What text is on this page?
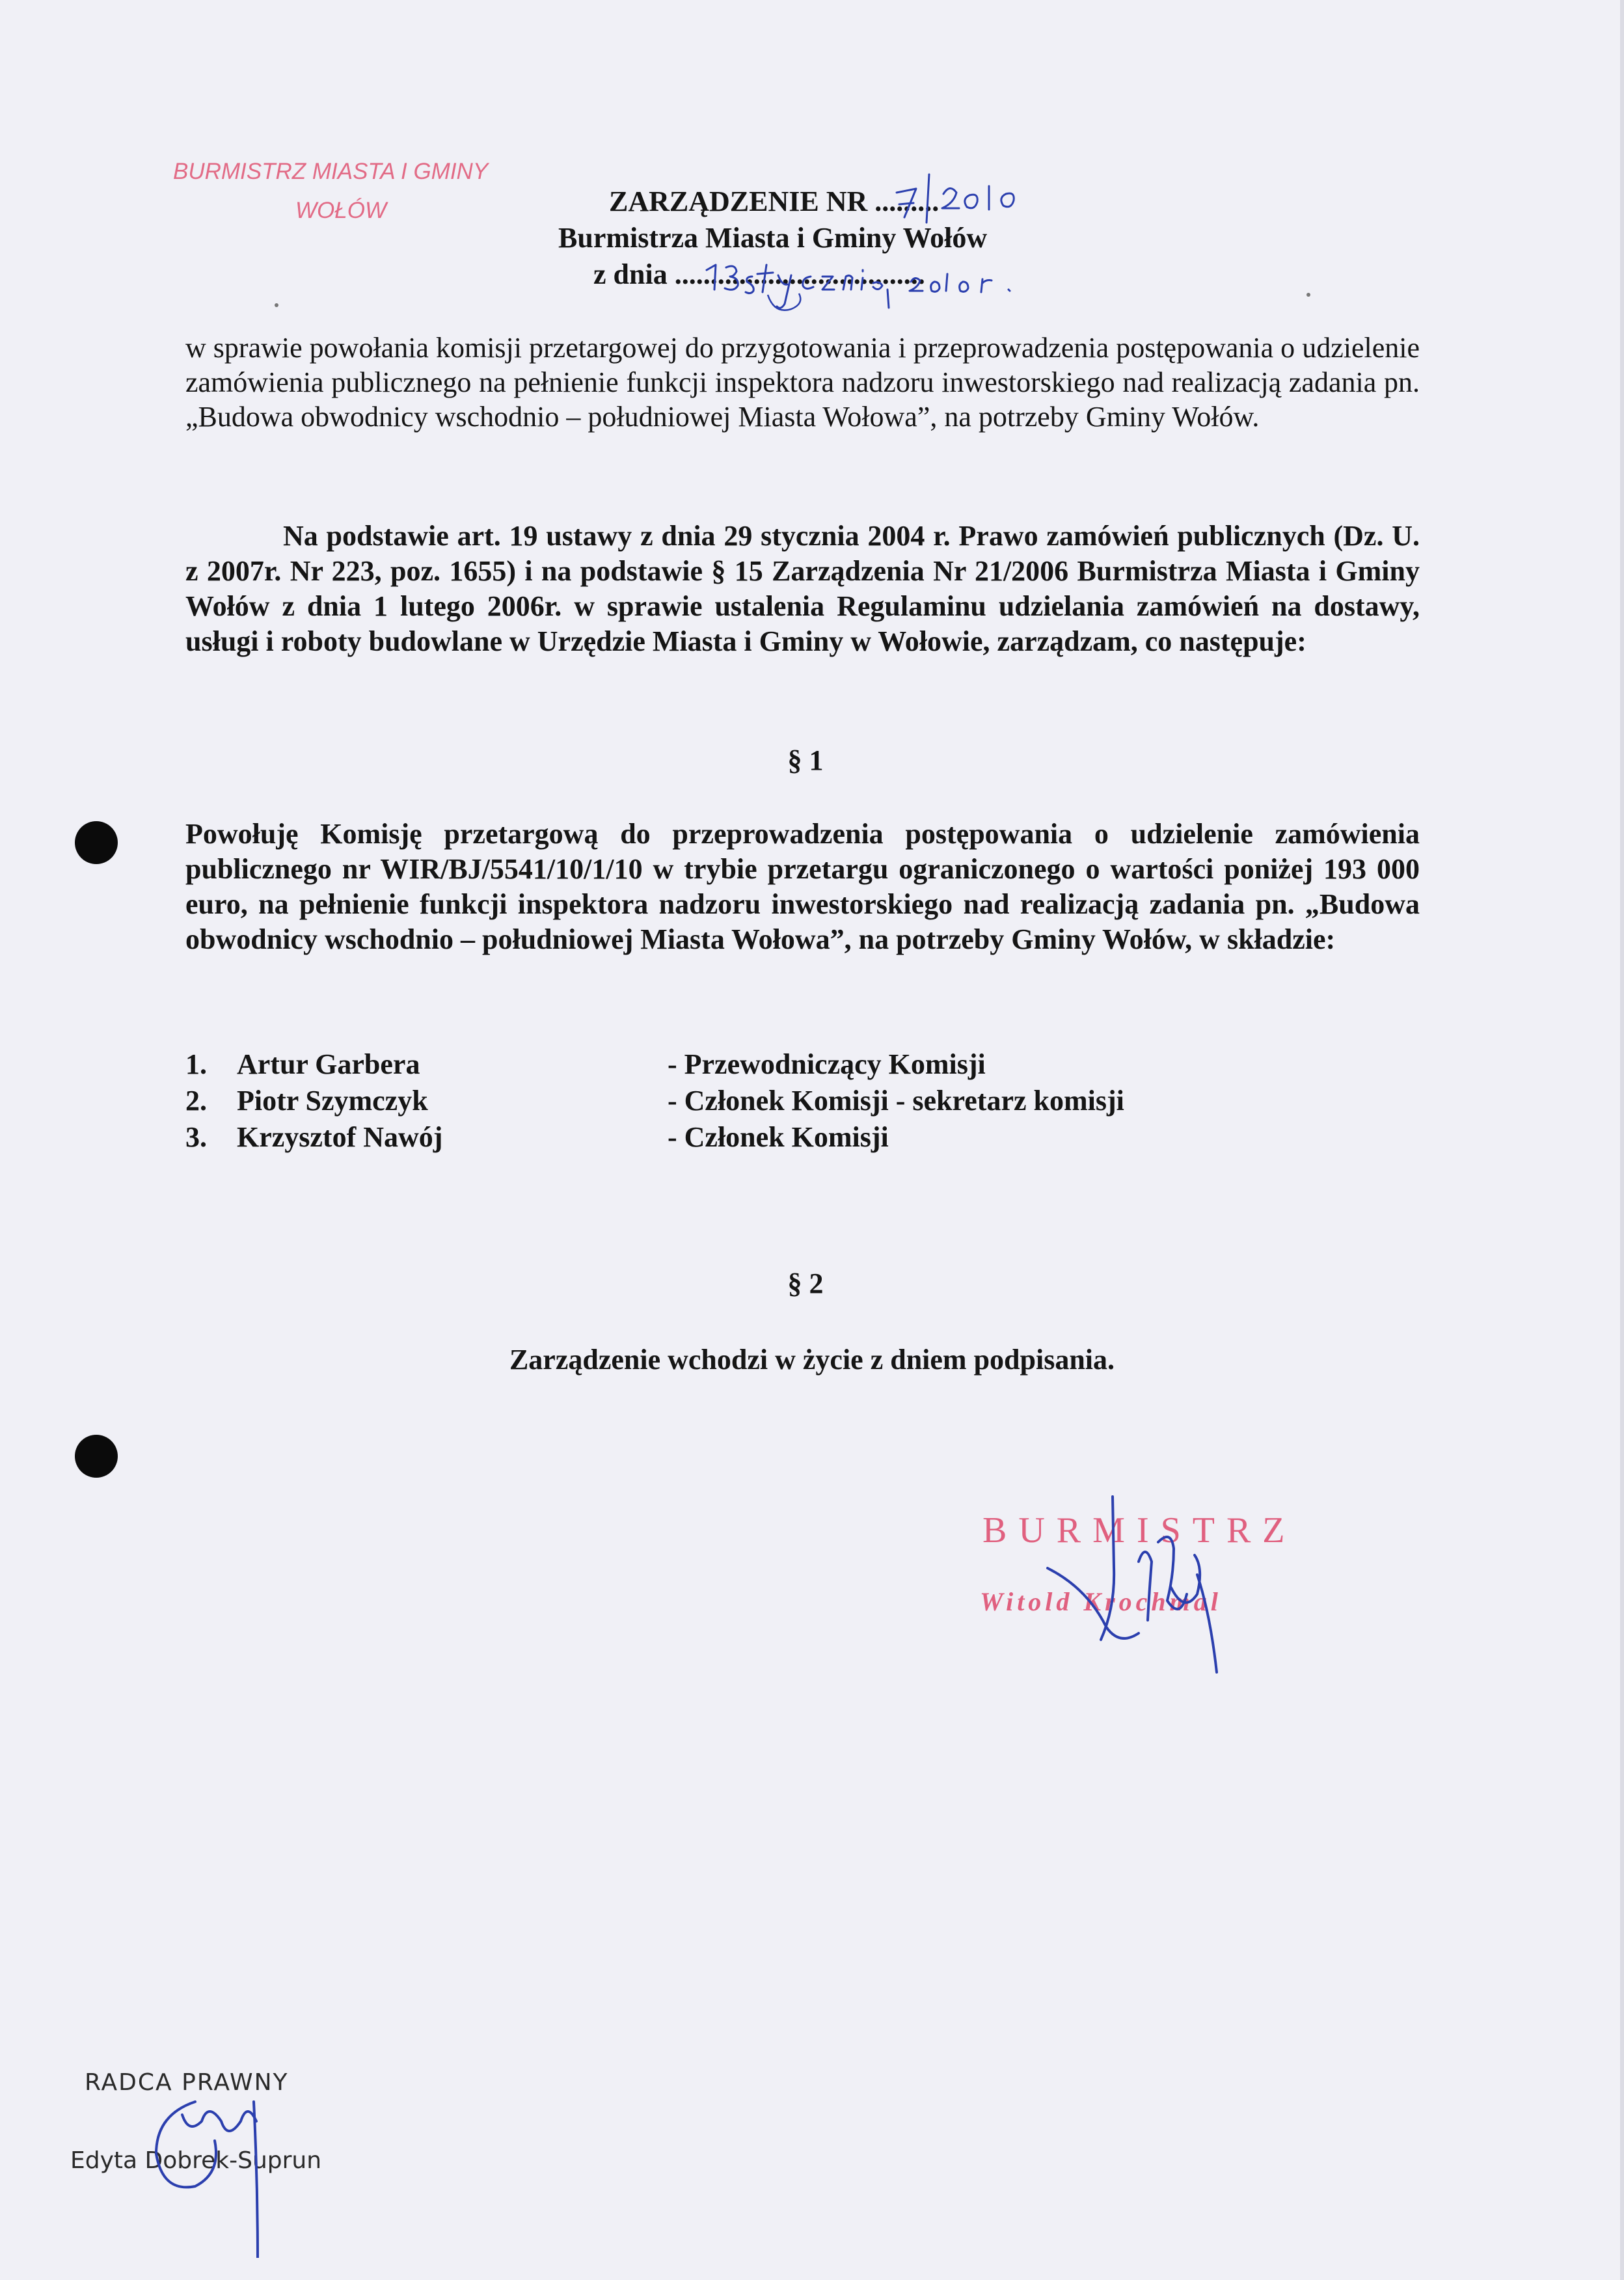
BURMISTRZ MIASTA I GMINY
WOŁÓW	ZARZĄDZENIE NR .........
Burmistrza Miasta i Gminy Wołów
z dnia ...................................
w sprawie powołania komisji przetargowej do przygotowania i przeprowadzenia postępowania o udzielenie zamówienia publicznego na pełnienie funkcji inspektora nadzoru inwestorskiego nad realizacją zadania pn. „Budowa obwodnicy wschodnio – południowej Miasta Wołowa”, na potrzeby Gminy Wołów.
Na podstawie art. 19 ustawy z dnia 29 stycznia 2004 r. Prawo zamówień publicznych (Dz. U. z 2007r. Nr 223, poz. 1655) i na podstawie § 15 Zarządzenia Nr 21/2006 Burmistrza Miasta i Gminy Wołów z dnia 1 lutego 2006r. w sprawie ustalenia Regulaminu udzielania zamówień na dostawy, usługi i roboty budowlane w Urzędzie Miasta i Gminy w Wołowie, zarządzam, co następuje:
§ 1
Powołuję Komisję przetargową do przeprowadzenia postępowania o udzielenie zamówienia publicznego nr WIR/BJ/5541/10/1/10 w trybie przetargu ograniczonego o wartości poniżej 193 000 euro, na pełnienie funkcji inspektora nadzoru inwestorskiego nad realizacją zadania pn. „Budowa obwodnicy wschodnio – południowej Miasta Wołowa”, na potrzeby Gminy Wołów, w składzie:
1. Artur Garbera	- Przewodniczący Komisji
2. Piotr Szymczyk	- Członek Komisji - sekretarz komisji
3. Krzysztof Nawój	- Członek Komisji
§ 2
Zarządzenie wchodzi w życie z dniem podpisania.
BURMISTRZ
Witold Krochmal
RADCA PRAWNY
Edyta Dobrek-Suprun
